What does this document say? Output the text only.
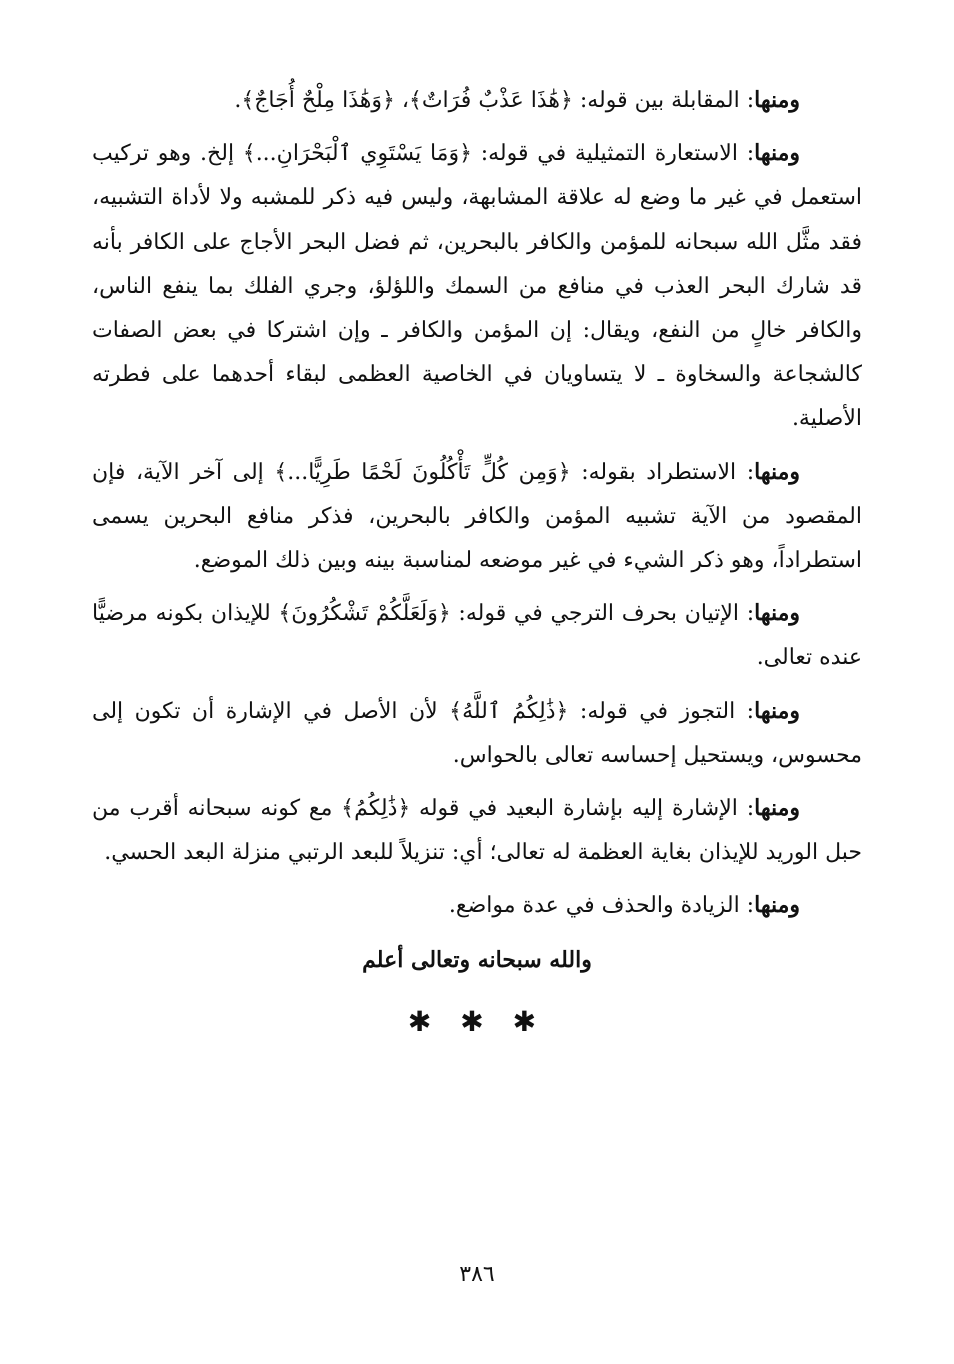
ومنها: المقابلة بين قوله: ﴿هَٰذَا عَذْبٌ فُرَاتٌ﴾، ﴿وَهَٰذَا مِلْحٌ أُجَاجٌ﴾.

ومنها: الاستعارة التمثيلية في قوله: ﴿وَمَا يَسْتَوِي ٱلْبَحْرَانِ...﴾ إلخ. وهو تركيب استعمل في غير ما وضع له علاقة المشابهة، وليس فيه ذكر للمشبه ولا لأداة التشبيه، فقد مثَّل الله سبحانه للمؤمن والكافر بالبحرين، ثم فضل البحر الأجاج على الكافر بأنه قد شارك البحر العذب في منافع من السمك واللؤلؤ، وجري الفلك بما ينفع الناس، والكافر خالٍ من النفع، ويقال: إن المؤمن والكافر ـ وإن اشتركا في بعض الصفات كالشجاعة والسخاوة ـ لا يتساويان في الخاصية العظمى لبقاء أحدهما على فطرته الأصلية.

ومنها: الاستطراد بقوله: ﴿وَمِن كُلٍّ تَأْكُلُونَ لَحْمًا طَرِيًّا...﴾ إلى آخر الآية، فإن المقصود من الآية تشبيه المؤمن والكافر بالبحرين، فذكر منافع البحرين يسمى استطراداً، وهو ذكر الشيء في غير موضعه لمناسبة بينه وبين ذلك الموضع.

ومنها: الإتيان بحرف الترجي في قوله: ﴿وَلَعَلَّكُمْ تَشْكُرُونَ﴾ للإيذان بكونه مرضيًّا عنده تعالى.

ومنها: التجوز في قوله: ﴿ذَٰلِكُمُ ٱللَّهُ﴾ لأن الأصل في الإشارة أن تكون إلى محسوس، ويستحيل إحساسه تعالى بالحواس.

ومنها: الإشارة إليه بإشارة البعيد في قوله ﴿ذَٰلِكُمُ﴾ مع كونه سبحانه أقرب من حبل الوريد للإيذان بغاية العظمة له تعالى؛ أي: تنزيلاً للبعد الرتبي منزلة البعد الحسي.

ومنها: الزيادة والحذف في عدة مواضع.

والله سبحانه وتعالى أعلم
✱ ✱ ✱
٣٨٦
